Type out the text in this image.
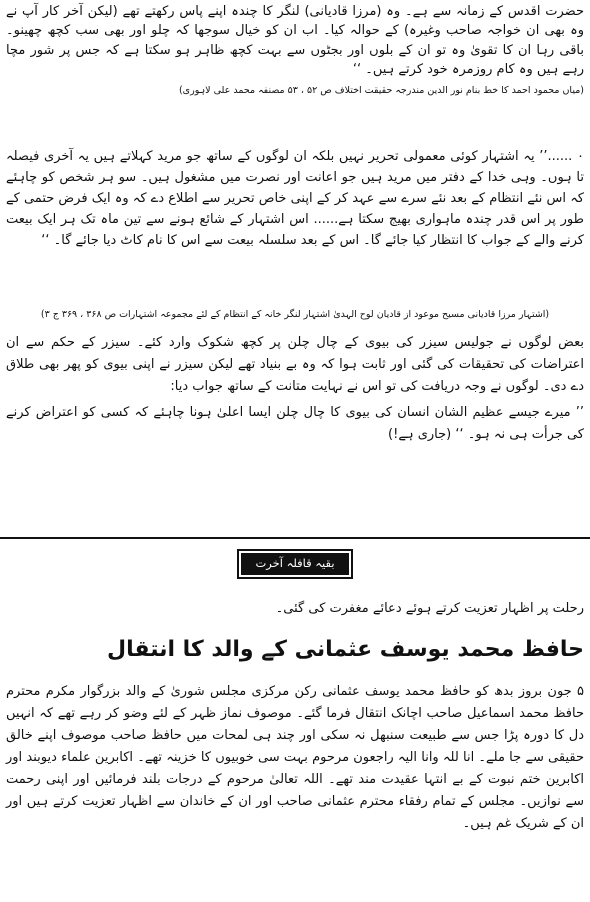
حضرت اقدس کے زمانہ سے ہے۔ وہ (مرزا قادیانی) لنگر کا چندہ اپنے پاس رکھتے تھے (لیکن آخر کار آپ نے وہ بھی ان خواجہ صاحب وغیرہ) کے حوالہ کیا۔ اب ان کو خیال سوجھا کہ چلو اور بھی سب کچھ چھینو۔ باقی رہا ان کا تقویٰ وہ تو ان کے بلوں اور بجٹوں سے بہت کچھ ظاہر ہو سکتا ہے کہ جس پر شور مچا رہے ہیں وہ کام روزمرہ خود کرتے ہیں۔ ‘‘

(میاں محمود احمد کا خط بنام نور الدین مندرجہ حقیقت اختلاف ص ۵۲ ، ۵۳ مصنفہ محمد علی لاہوری)

۰ ......’’ یہ اشتہار کوئی معمولی تحریر نہیں بلکہ ان لوگوں کے ساتھ جو مرید کہلاتے ہیں یہ آخری فیصلہ تا ہوں۔ وہی خدا کے دفتر میں مرید ہیں جو اعانت اور نصرت میں مشغول ہیں۔ سو ہر شخص کو چاہئے کہ اس نئے انتظام کے بعد نئے سرے سے عہد کر کے اپنی خاص تحریر سے اطلاع دے کہ وہ ایک فرض حتمی کے طور پر اس قدر چندہ ماہواری بھیج سکتا ہے...... اس اشتہار کے شائع ہونے سے تین ماہ تک ہر ایک بیعت کرنے والے کے جواب کا انتظار کیا جائے گا۔ اس کے بعد سلسلہ بیعت سے اس کا نام کاٹ دیا جائے گا۔ ‘‘

(اشتہار مرزا قادیانی مسیح موعود از قادیان لوح الہدیٰ اشتہار لنگر خانہ کے انتظام کے لئے مجموعہ اشتہارات ص ۳۶۸ ، ۳۶۹ ج ۳)

بعض لوگوں نے جولیس سیزر کی بیوی کے چال چلن پر کچھ شکوک وارد کئے۔ سیزر کے حکم سے ان اعتراضات کی تحقیقات کی گئی اور ثابت ہوا کہ وہ بے بنیاد تھے لیکن سیزر نے اپنی بیوی کو پھر بھی طلاق دے دی۔ لوگوں نے وجہ دریافت کی تو اس نے نہایت متانت کے ساتھ جواب دیا:

’’ میرے جیسے عظیم الشان انسان کی بیوی کا چال چلن ایسا اعلیٰ ہونا چاہئے کہ کسی کو اعتراض کرنے کی جرأت ہی نہ ہو۔ ‘‘ (جاری ہے!)

بقیہ قافلہ آخرت

رحلت پر اظہار تعزیت کرتے ہوئے دعائے مغفرت کی گئی۔

حافظ محمد یوسف عثمانی کے والد کا انتقال

۵ جون بروز بدھ کو حافظ محمد یوسف عثمانی رکن مرکزی مجلس شوریٰ کے والد بزرگوار مکرم محترم حافظ محمد اسماعیل صاحب اچانک انتقال فرما گئے۔ موصوف نماز ظہر کے لئے وضو کر رہے تھے کہ انہیں دل کا دورہ پڑا جس سے طبیعت سنبھل نہ سکی اور چند ہی لمحات میں حافظ صاحب موصوف اپنے خالق حقیقی سے جا ملے۔ انا للہ وانا الیہ راجعون مرحوم بہت سی خوبیوں کا خزینہ تھے۔ اکابرین علماء دیوبند اور اکابرین ختم نبوت کے بے انتہا عقیدت مند تھے۔ اللہ تعالیٰ مرحوم کے درجات بلند فرمائیں اور اپنی رحمت سے نوازیں۔ مجلس کے تمام رفقاء محترم عثمانی صاحب اور ان کے خاندان سے اظہار تعزیت کرتے ہیں اور ان کے شریک غم ہیں۔
